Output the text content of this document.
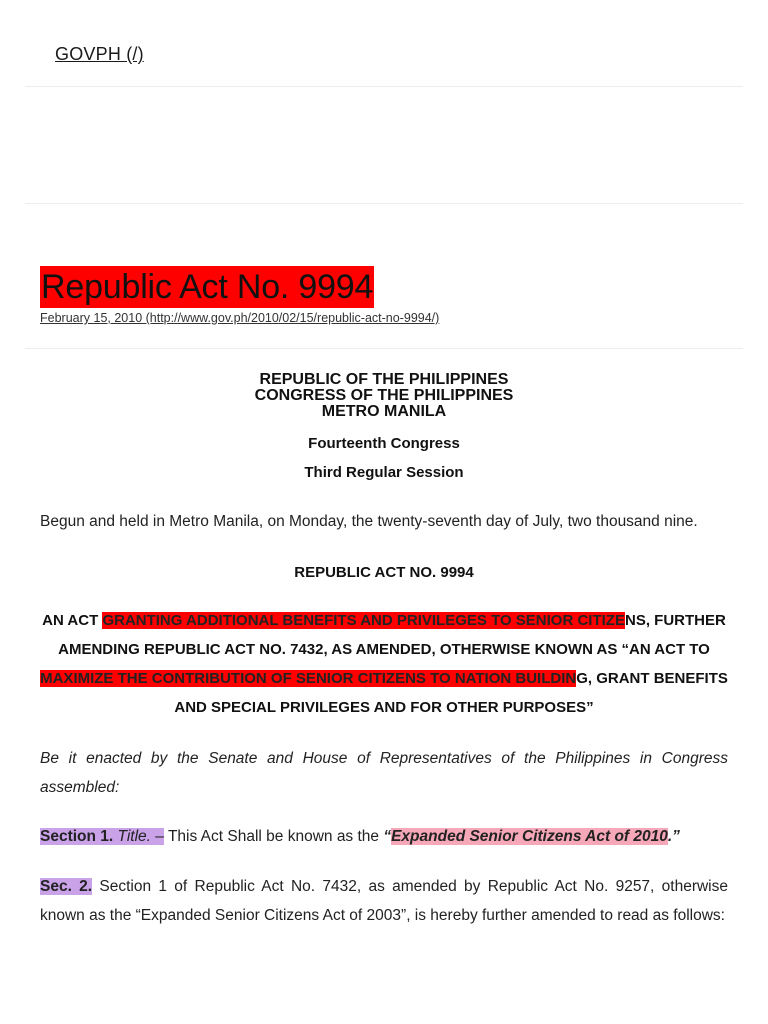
GOVPH (/)
Republic Act No. 9994
February 15, 2010 (http://www.gov.ph/2010/02/15/republic-act-no-9994/)
REPUBLIC OF THE PHILIPPINES
CONGRESS OF THE PHILIPPINES
METRO MANILA
Fourteenth Congress
Third Regular Session
Begun and held in Metro Manila, on Monday, the twenty-seventh day of July, two thousand nine.
REPUBLIC ACT NO. 9994
AN ACT GRANTING ADDITIONAL BENEFITS AND PRIVILEGES TO SENIOR CITIZENS, FURTHER AMENDING REPUBLIC ACT NO. 7432, AS AMENDED, OTHERWISE KNOWN AS “AN ACT TO MAXIMIZE THE CONTRIBUTION OF SENIOR CITIZENS TO NATION BUILDING, GRANT BENEFITS AND SPECIAL PRIVILEGES AND FOR OTHER PURPOSES”
Be it enacted by the Senate and House of Representatives of the Philippines in Congress assembled:
Section 1. Title. – This Act Shall be known as the “Expanded Senior Citizens Act of 2010.”
Sec. 2. Section 1 of Republic Act No. 7432, as amended by Republic Act No. 9257, otherwise known as the “Expanded Senior Citizens Act of 2003”, is hereby further amended to read as follows:
